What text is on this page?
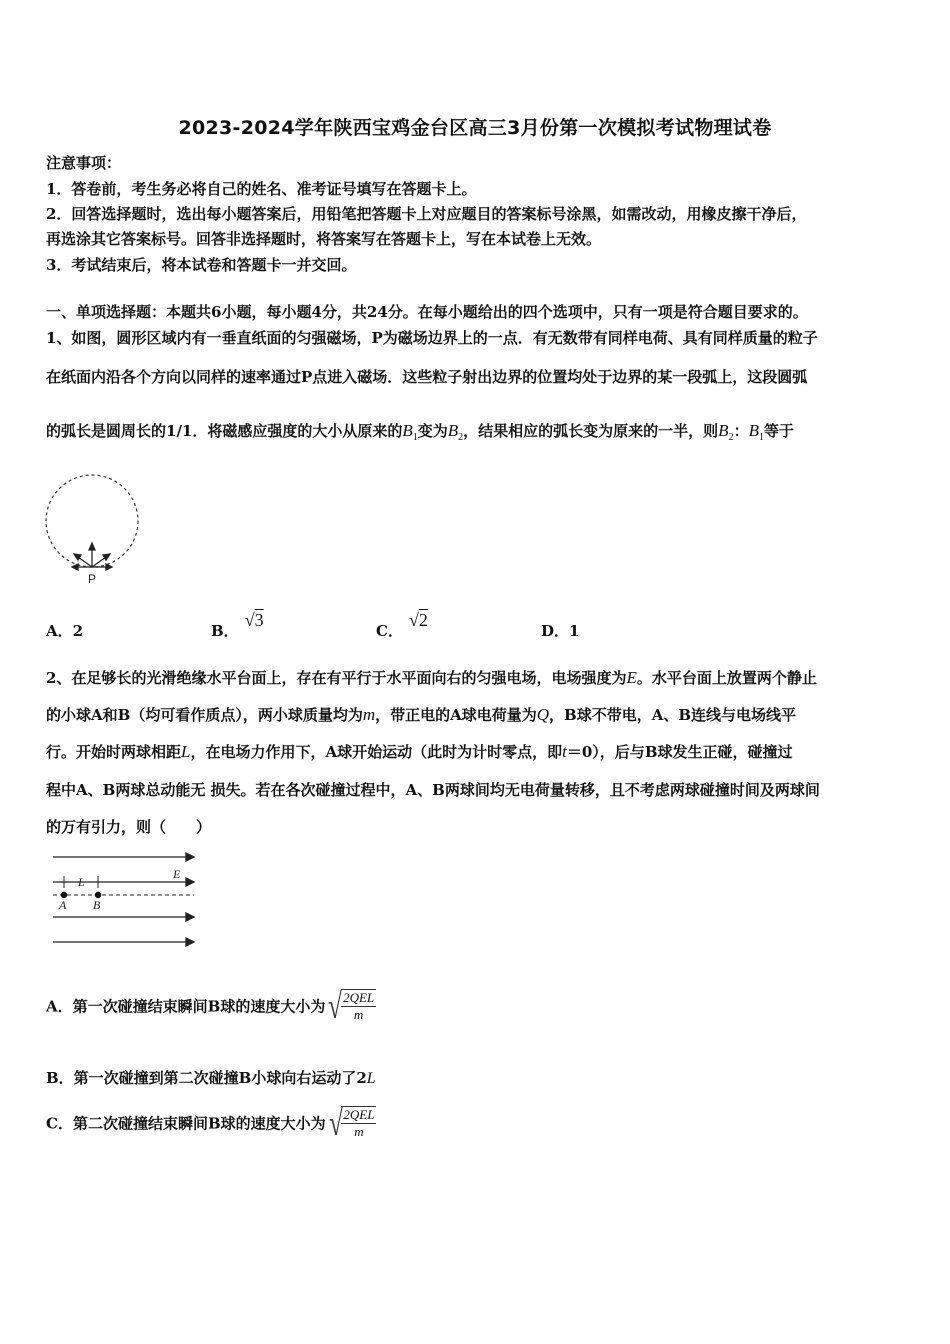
2023-2024学年陕西宝鸡金台区高三3月份第一次模拟考试物理试卷
注意事项：
1．答卷前，考生务必将自己的姓名、准考证号填写在答题卡上。
2．回答选择题时，选出每小题答案后，用铅笔把答题卡上对应题目的答案标号涂黑，如需改动，用橡皮擦干净后，
再选涂其它答案标号。回答非选择题时，将答案写在答题卡上，写在本试卷上无效。
3．考试结束后，将本试卷和答题卡一并交回。
一、单项选择题：本题共6小题，每小题4分，共24分。在每小题给出的四个选项中，只有一项是符合题目要求的。
1、如图，圆形区域内有一垂直纸面的匀强磁场，P为磁场边界上的一点．有无数带有同样电荷、具有同样质量的粒子
在纸面内沿各个方向以同样的速率通过P点进入磁场．这些粒子射出边界的位置均处于边界的某一段弧上，这段圆弧
的弧长是圆周长的1/1．将磁感应强度的大小从原来的$B_1$变为$B_2$，结果相应的弧长变为原来的一半，则$B_2$：$B_1$等于
P
A．2	B．√3
C．√2
D．1
2、在足够长的光滑绝缘水平台面上，存在有平行于水平面向右的匀强电场，电场强度为E。水平台面上放置两个静止
的小球A和B（均可看作质点），两小球质量均为m，带正电的A球电荷量为Q，B球不带电，A、B连线与电场线平
行。开始时两球相距L，在电场力作用下，A球开始运动（此时为计时零点，即t＝0），后与B球发生正碰，碰撞过
程中A、B两球总动能无 损失。若在各次碰撞过程中，A、B两球间均无电荷量转移，且不考虑两球碰撞时间及两球间
的万有引力，则（　　）
L
E
A B
A．第一次碰撞结束瞬间B球的速度大小为 √
$\frac{\text{2QEL}}{m}$
B．第一次碰撞到第二次碰撞B小球向右运动了2L
C．第二次碰撞结束瞬间B球的速度大小为 √
$\frac{\text{2QEL}}{m}$
